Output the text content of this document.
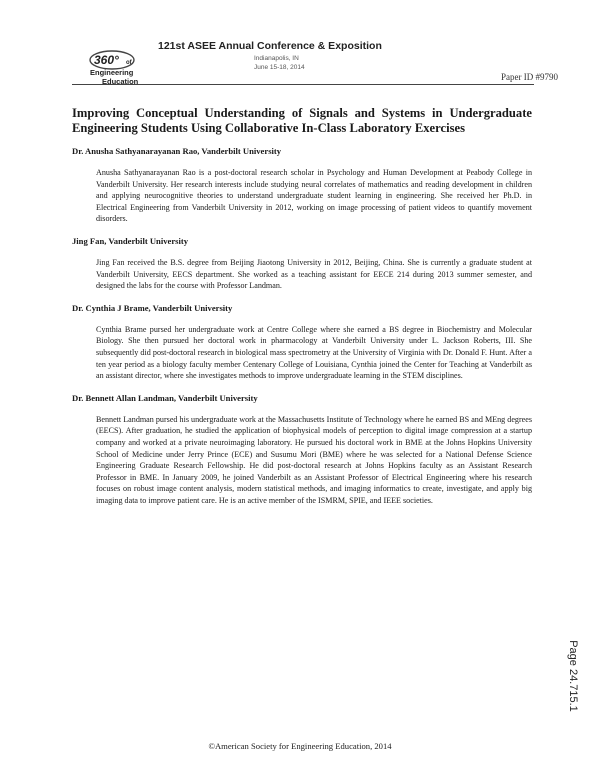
360° of
Engineering
Education
121st ASEE Annual Conference & Exposition
Indianapolis, IN
June 15-18, 2014
Paper ID #9790
Improving Conceptual Understanding of Signals and Systems in Undergraduate Engineering Students Using Collaborative In-Class Laboratory Exercises
Dr. Anusha Sathyanarayanan Rao, Vanderbilt University
Anusha Sathyanarayanan Rao is a post-doctoral research scholar in Psychology and Human Development at Peabody College in Vanderbilt University. Her research interests include studying neural correlates of mathematics and reading development in children and applying neurocognitive theories to understand undergraduate student learning in engineering. She received her Ph.D. in Electrical Engineering from Vanderbilt University in 2012, working on image processing of patient videos to quantify movement disorders.
Jing Fan, Vanderbilt University
Jing Fan received the B.S. degree from Beijing Jiaotong University in 2012, Beijing, China. She is currently a graduate student at Vanderbilt University, EECS department. She worked as a teaching assistant for EECE 214 during 2013 summer semester, and designed the labs for the course with Professor Landman.
Dr. Cynthia J Brame, Vanderbilt University
Cynthia Brame pursed her undergraduate work at Centre College where she earned a BS degree in Biochemistry and Molecular Biology. She then pursued her doctoral work in pharmacology at Vanderbilt University under L. Jackson Roberts, III. She subsequently did post-doctoral research in biological mass spectrometry at the University of Virginia with Dr. Donald F. Hunt. After a ten year period as a biology faculty member Centenary College of Louisiana, Cynthia joined the Center for Teaching at Vanderbilt as an assistant director, where she investigates methods to improve undergraduate learning in the STEM disciplines.
Dr. Bennett Allan Landman, Vanderbilt University
Bennett Landman pursed his undergraduate work at the Massachusetts Institute of Technology where he earned BS and MEng degrees (EECS). After graduation, he studied the application of biophysical models of perception to digital image compression at a startup company and worked at a private neuroimaging laboratory. He pursued his doctoral work in BME at the Johns Hopkins University School of Medicine under Jerry Prince (ECE) and Susumu Mori (BME) where he was selected for a National Defense Science Engineering Graduate Research Fellowship. He did post-doctoral research at Johns Hopkins faculty as an Assistant Research Professor in BME. In January 2009, he joined Vanderbilt as an Assistant Professor of Electrical Engineering where his research focuses on robust image content analysis, modern statistical methods, and imaging informatics to create, investigate, and apply big imaging data to improve patient care. He is an active member of the ISMRM, SPIE, and IEEE societies.
©American Society for Engineering Education, 2014
Page 24.715.1
